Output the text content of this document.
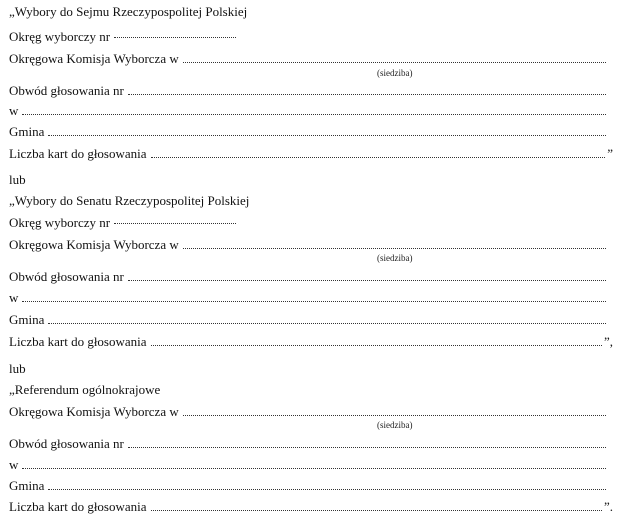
„Wybory do Sejmu Rzeczypospolitej Polskiej
Okręg wyborczy nr
Okręgowa Komisja Wyborcza w
(siedziba)
Obwód głosowania nr
w
Gmina
Liczba kart do głosowania	”
lub
„Wybory do Senatu Rzeczypospolitej Polskiej
Okręg wyborczy nr
Okręgowa Komisja Wyborcza w
(siedziba)
Obwód głosowania nr
w
Gmina
Liczba kart do głosowania	”,
lub
„Referendum ogólnokrajowe
Okręgowa Komisja Wyborcza w
(siedziba)
Obwód głosowania nr
w
Gmina
Liczba kart do głosowania	”.
